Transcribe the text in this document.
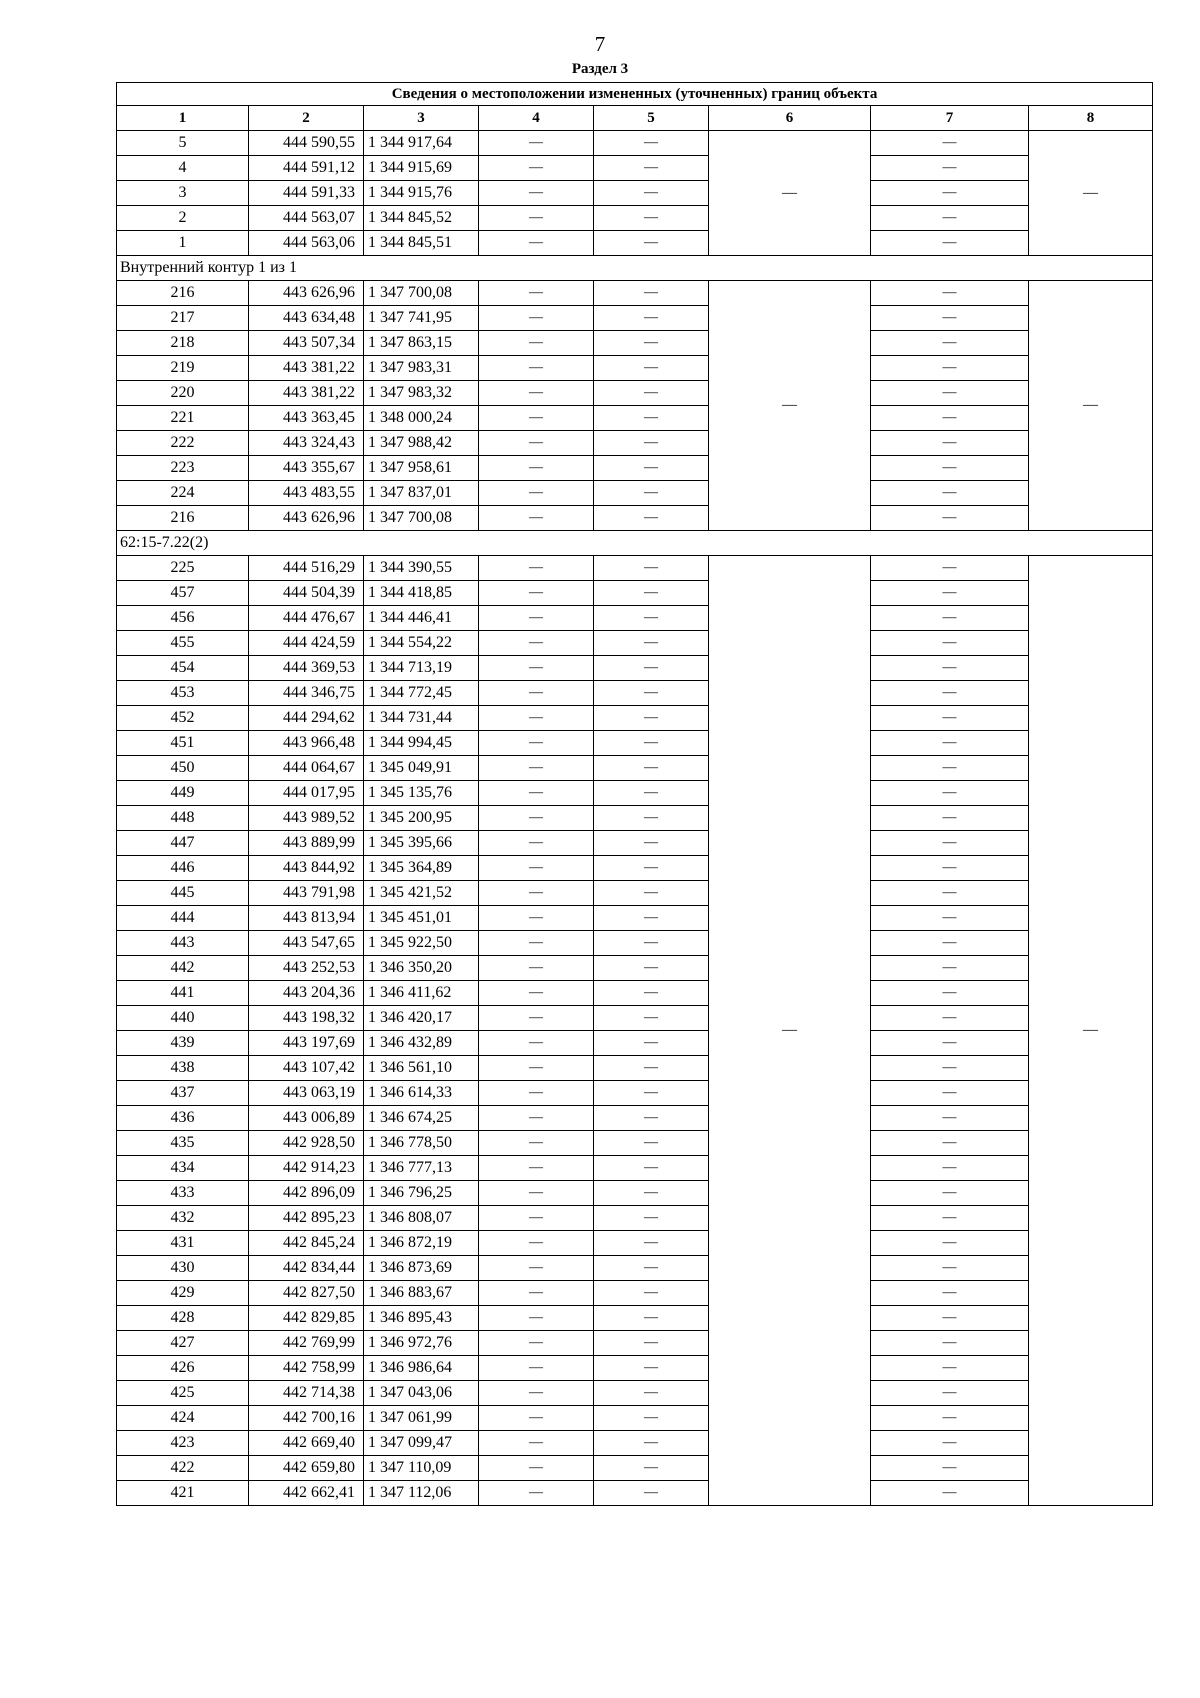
7
Раздел 3
Сведения о местоположении измененных (уточненных) границ объекта							
1	2	3	4	5	6	7	8
5	444 590,55	1 344 917,64	—	—	—	—	—
4	444 591,12	1 344 915,69	—	—		—	
3	444 591,33	1 344 915,76	—	—		—	
2	444 563,07	1 344 845,52	—	—		—	
1	444 563,06	1 344 845,51	—	—		—	
Внутренний контур 1 из 1							
216	443 626,96	1 347 700,08	—	—	—	—	—
217	443 634,48	1 347 741,95	—	—		—	
218	443 507,34	1 347 863,15	—	—		—	
219	443 381,22	1 347 983,31	—	—		—	
220	443 381,22	1 347 983,32	—	—		—	
221	443 363,45	1 348 000,24	—	—		—	
222	443 324,43	1 347 988,42	—	—		—	
223	443 355,67	1 347 958,61	—	—		—	
224	443 483,55	1 347 837,01	—	—		—	
216	443 626,96	1 347 700,08	—	—		—	
62:15-7.22(2)							
225	444 516,29	1 344 390,55	—	—	—	—	—
457	444 504,39	1 344 418,85	—	—		—	
456	444 476,67	1 344 446,41	—	—		—	
455	444 424,59	1 344 554,22	—	—		—	
454	444 369,53	1 344 713,19	—	—		—	
453	444 346,75	1 344 772,45	—	—		—	
452	444 294,62	1 344 731,44	—	—		—	
451	443 966,48	1 344 994,45	—	—		—	
450	444 064,67	1 345 049,91	—	—		—	
449	444 017,95	1 345 135,76	—	—		—	
448	443 989,52	1 345 200,95	—	—		—	
447	443 889,99	1 345 395,66	—	—		—	
446	443 844,92	1 345 364,89	—	—		—	
445	443 791,98	1 345 421,52	—	—		—	
444	443 813,94	1 345 451,01	—	—		—	
443	443 547,65	1 345 922,50	—	—		—	
442	443 252,53	1 346 350,20	—	—		—	
441	443 204,36	1 346 411,62	—	—		—	
440	443 198,32	1 346 420,17	—	—		—	
439	443 197,69	1 346 432,89	—	—		—	
438	443 107,42	1 346 561,10	—	—		—	
437	443 063,19	1 346 614,33	—	—		—	
436	443 006,89	1 346 674,25	—	—		—	
435	442 928,50	1 346 778,50	—	—		—	
434	442 914,23	1 346 777,13	—	—		—	
433	442 896,09	1 346 796,25	—	—		—	
432	442 895,23	1 346 808,07	—	—		—	
431	442 845,24	1 346 872,19	—	—		—	
430	442 834,44	1 346 873,69	—	—		—	
429	442 827,50	1 346 883,67	—	—		—	
428	442 829,85	1 346 895,43	—	—		—	
427	442 769,99	1 346 972,76	—	—		—	
426	442 758,99	1 346 986,64	—	—		—	
425	442 714,38	1 347 043,06	—	—		—	
424	442 700,16	1 347 061,99	—	—		—	
423	442 669,40	1 347 099,47	—	—		—	
422	442 659,80	1 347 110,09	—	—		—	
421	442 662,41	1 347 112,06	—	—		—	
